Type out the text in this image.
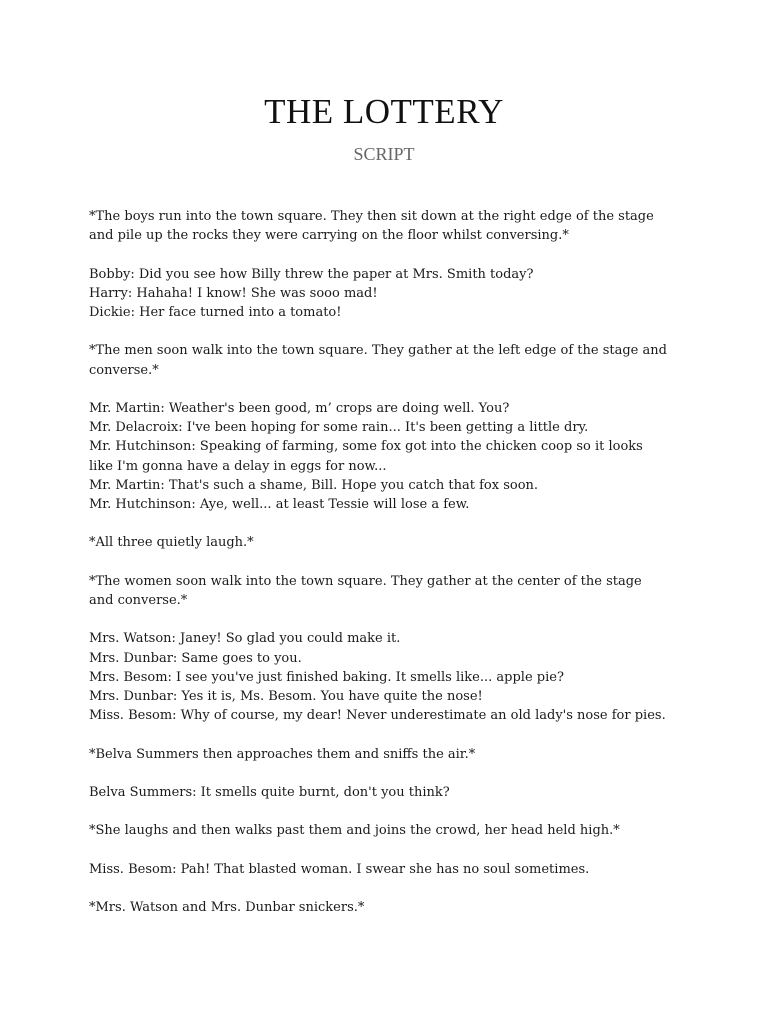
THE LOTTERY
SCRIPT

*The boys run into the town square. They then sit down at the right edge of the stage
and pile up the rocks they were carrying on the floor whilst conversing.*

Bobby: Did you see how Billy threw the paper at Mrs. Smith today?
Harry: Hahaha! I know! She was sooo mad!
Dickie: Her face turned into a tomato!

*The men soon walk into the town square. They gather at the left edge of the stage and
converse.*

Mr. Martin: Weather's been good, m’ crops are doing well. You?
Mr. Delacroix: I've been hoping for some rain... It's been getting a little dry.
Mr. Hutchinson: Speaking of farming, some fox got into the chicken coop so it looks
like I'm gonna have a delay in eggs for now...
Mr. Martin: That's such a shame, Bill. Hope you catch that fox soon.
Mr. Hutchinson: Aye, well... at least Tessie will lose a few.

*All three quietly laugh.*

*The women soon walk into the town square. They gather at the center of the stage
and converse.*

Mrs. Watson: Janey! So glad you could make it.
Mrs. Dunbar: Same goes to you.
Mrs. Besom: I see you've just finished baking. It smells like... apple pie?
Mrs. Dunbar: Yes it is, Ms. Besom. You have quite the nose!
Miss. Besom: Why of course, my dear! Never underestimate an old lady's nose for pies.

*Belva Summers then approaches them and sniffs the air.*

Belva Summers: It smells quite burnt, don't you think?

*She laughs and then walks past them and joins the crowd, her head held high.*

Miss. Besom: Pah! That blasted woman. I swear she has no soul sometimes.

*Mrs. Watson and Mrs. Dunbar snickers.*
